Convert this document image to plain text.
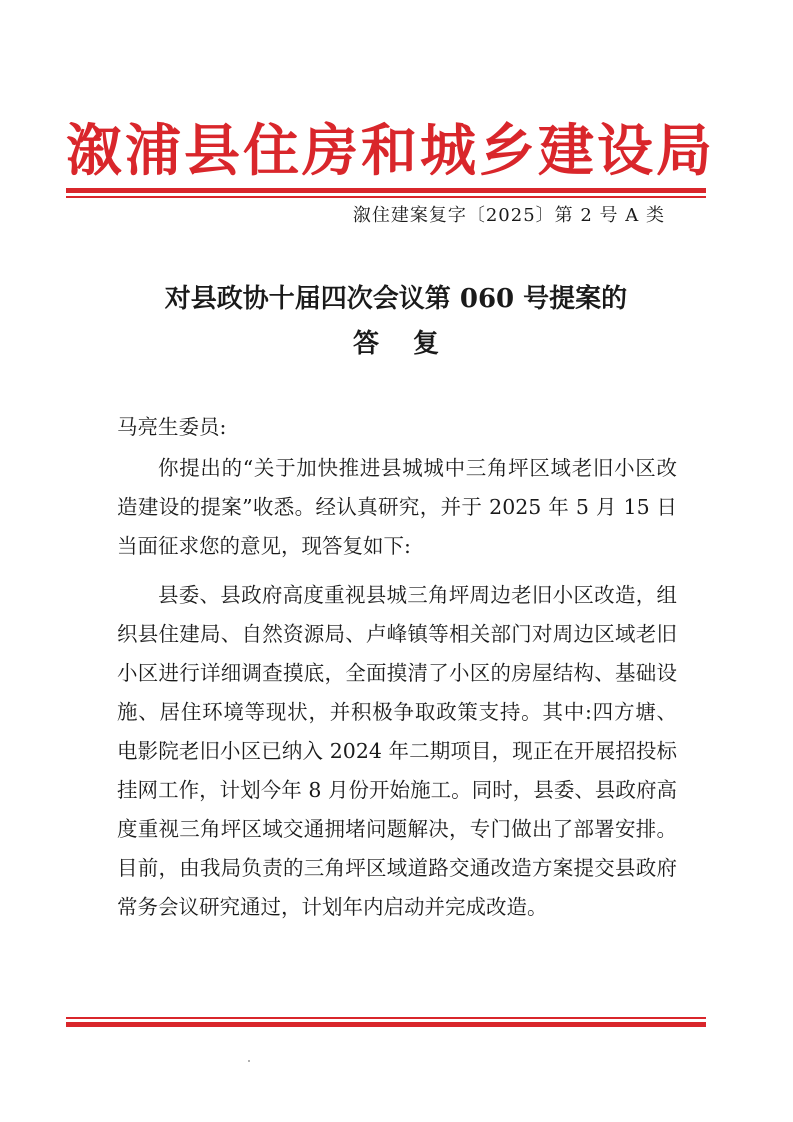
溆浦县住房和城乡建设局
溆住建案复字〔2025〕第 2 号 A 类
对县政协十届四次会议第 060 号提案的
答复
马亮生委员:

你提出的“关于加快推进县城城中三角坪区域老旧小区改造建设的提案”收悉。经认真研究，并于 2025 年 5 月 15 日当面征求您的意见，现答复如下:

县委、县政府高度重视县城三角坪周边老旧小区改造，组织县住建局、自然资源局、卢峰镇等相关部门对周边区域老旧小区进行详细调查摸底，全面摸清了小区的房屋结构、基础设施、居住环境等现状，并积极争取政策支持。其中:四方塘、电影院老旧小区已纳入 2024 年二期项目，现正在开展招投标挂网工作，计划今年 8 月份开始施工。同时，县委、县政府高度重视三角坪区域交通拥堵问题解决，专门做出了部署安排。目前，由我局负责的三角坪区域道路交通改造方案提交县政府常务会议研究通过，计划年内启动并完成改造。
